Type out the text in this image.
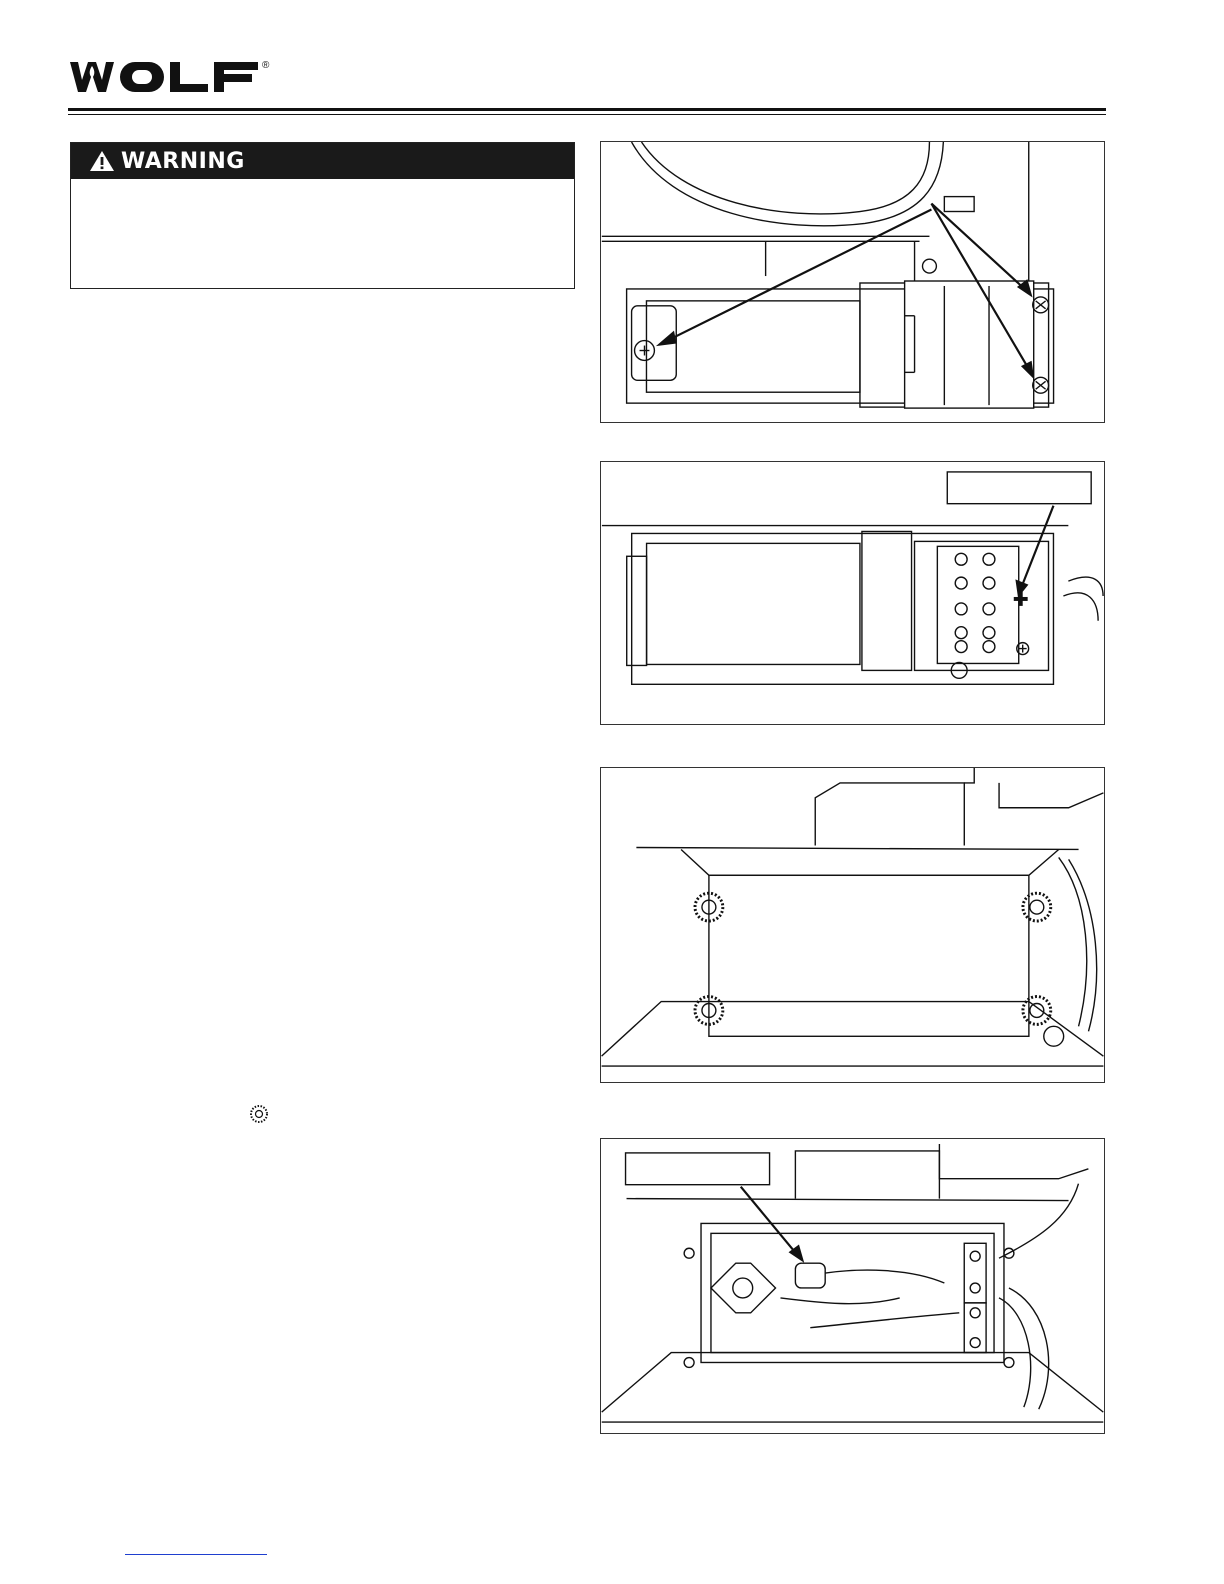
®
WARNING
